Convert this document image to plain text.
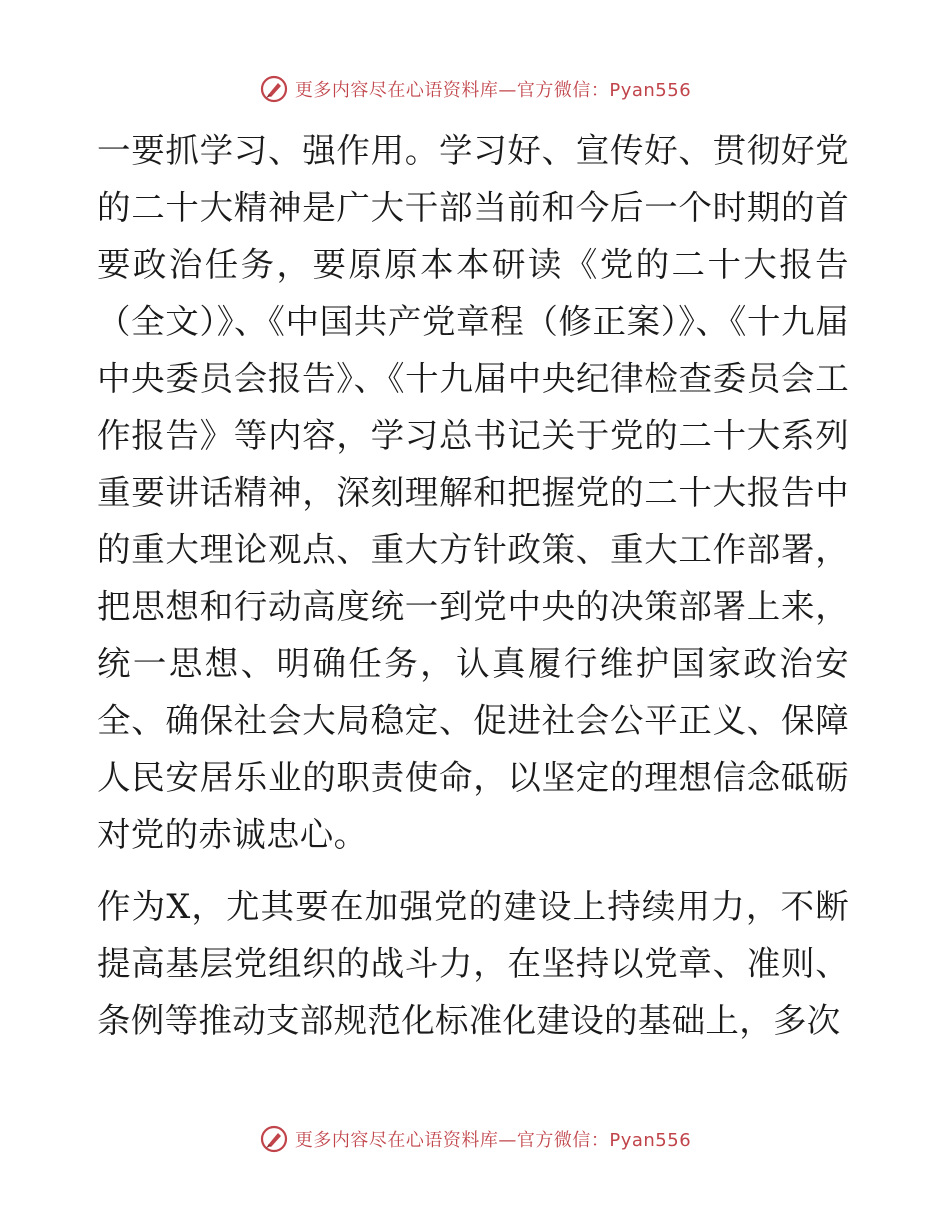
更多内容尽在心语资料库—官方微信：Pyan556

一要抓学习、强作用。学习好、宣传好、贯彻好党的二十大精神是广大干部当前和今后一个时期的首要政治任务，要原原本本研读《党的二十大报告（全文）》、《中国共产党章程（修正案）》、《十九届中央委员会报告》、《十九届中央纪律检查委员会工作报告》等内容，学习总书记关于党的二十大系列重要讲话精神，深刻理解和把握党的二十大报告中的重大理论观点、重大方针政策、重大工作部署，把思想和行动高度统一到党中央的决策部署上来，统一思想、明确任务，认真履行维护国家政治安全、确保社会大局稳定、促进社会公平正义、保障人民安居乐业的职责使命，以坚定的理想信念砥砺对党的赤诚忠心。

作为X，尤其要在加强党的建设上持续用力，不断提高基层党组织的战斗力，在坚持以党章、准则、条例等推动支部规范化标准化建设的基础上，多次

更多内容尽在心语资料库—官方微信：Pyan556
